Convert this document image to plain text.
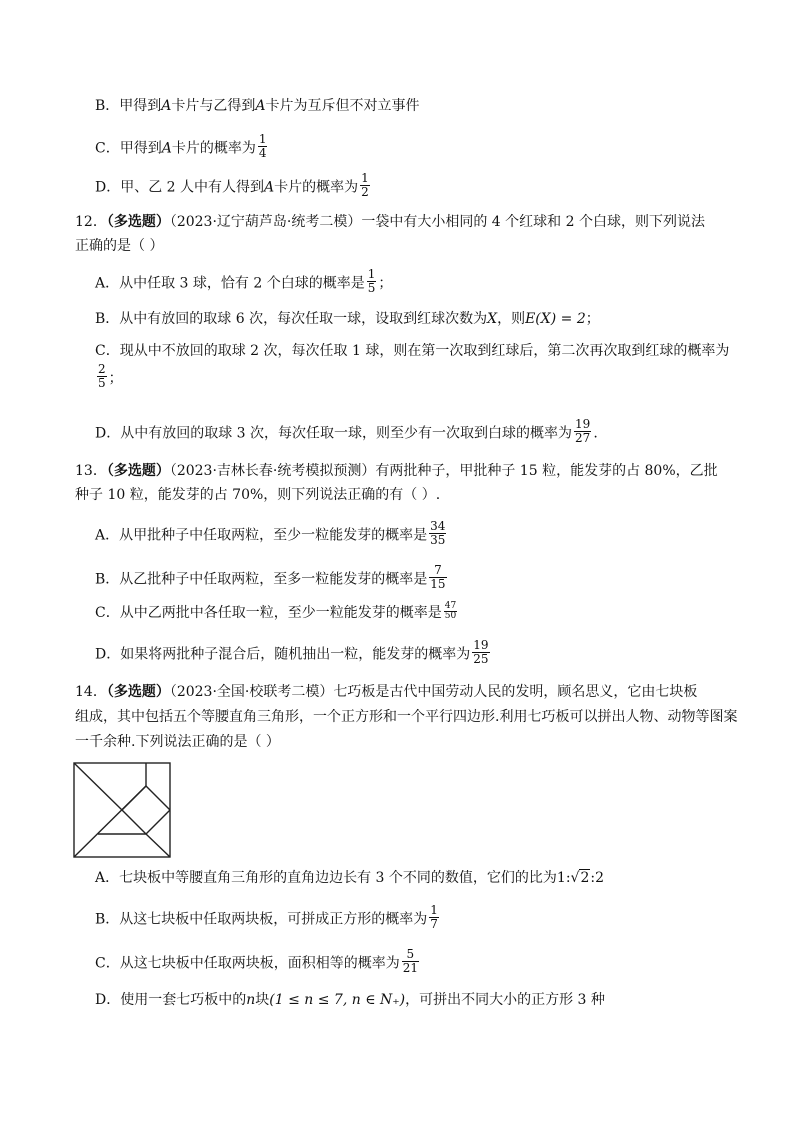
B．甲得到A卡片与乙得到A卡片为互斥但不对立事件
C．甲得到A卡片的概率为 $\frac{1}{4}$
D．甲、乙 2 人中有人得到A卡片的概率为 $\frac{1}{2}$
12．（多选题）（2023·辽宁葫芦岛·统考二模）一袋中有大小相同的 4 个红球和 2 个白球，则下列说法
正确的是（ ）
A．从中任取 3 球，恰有 2 个白球的概率是 $\frac{1}{5}$ ；
B．从中有放回的取球 6 次，每次任取一球，设取到红球次数为X，则E(X) = 2；
C．现从中不放回的取球 2 次，每次任取 1 球，则在第一次取到红球后，第二次再次取到红球的概率为
$\frac{2}{5}$ ；
D．从中有放回的取球 3 次，每次任取一球，则至少有一次取到白球的概率为 $\frac{19}{27}$ .
13．（多选题）（2023·吉林长春·统考模拟预测）有两批种子，甲批种子 15 粒，能发芽的占 80%，乙批
种子 10 粒，能发芽的占 70%，则下列说法正确的有（ ）.
A．从甲批种子中任取两粒，至少一粒能发芽的概率是 $\frac{34}{35}$
B．从乙批种子中任取两粒，至多一粒能发芽的概率是 $\frac{7}{15}$
C．从中乙两批中各任取一粒，至少一粒能发芽的概率是 $\frac{47}{50}$
D．如果将两批种子混合后，随机抽出一粒，能发芽的概率为 $\frac{19}{25}$
14．（多选题）（2023·全国·校联考二模）七巧板是古代中国劳动人民的发明，顾名思义，它由七块板
组成，其中包括五个等腰直角三角形，一个正方形和一个平行四边形.利用七巧板可以拼出人物、动物等图案
一千余种.下列说法正确的是（ ）
A．七块板中等腰直角三角形的直角边边长有 3 个不同的数值，它们的比为1:√2:2
B．从这七块板中任取两块板，可拼成正方形的概率为 $\frac{1}{7}$
C．从这七块板中任取两块板，面积相等的概率为 $\frac{5}{21}$
D．使用一套七巧板中的n块(1 ≤ n ≤ 7, n ∈ N₊)，可拼出不同大小的正方形 3 种
